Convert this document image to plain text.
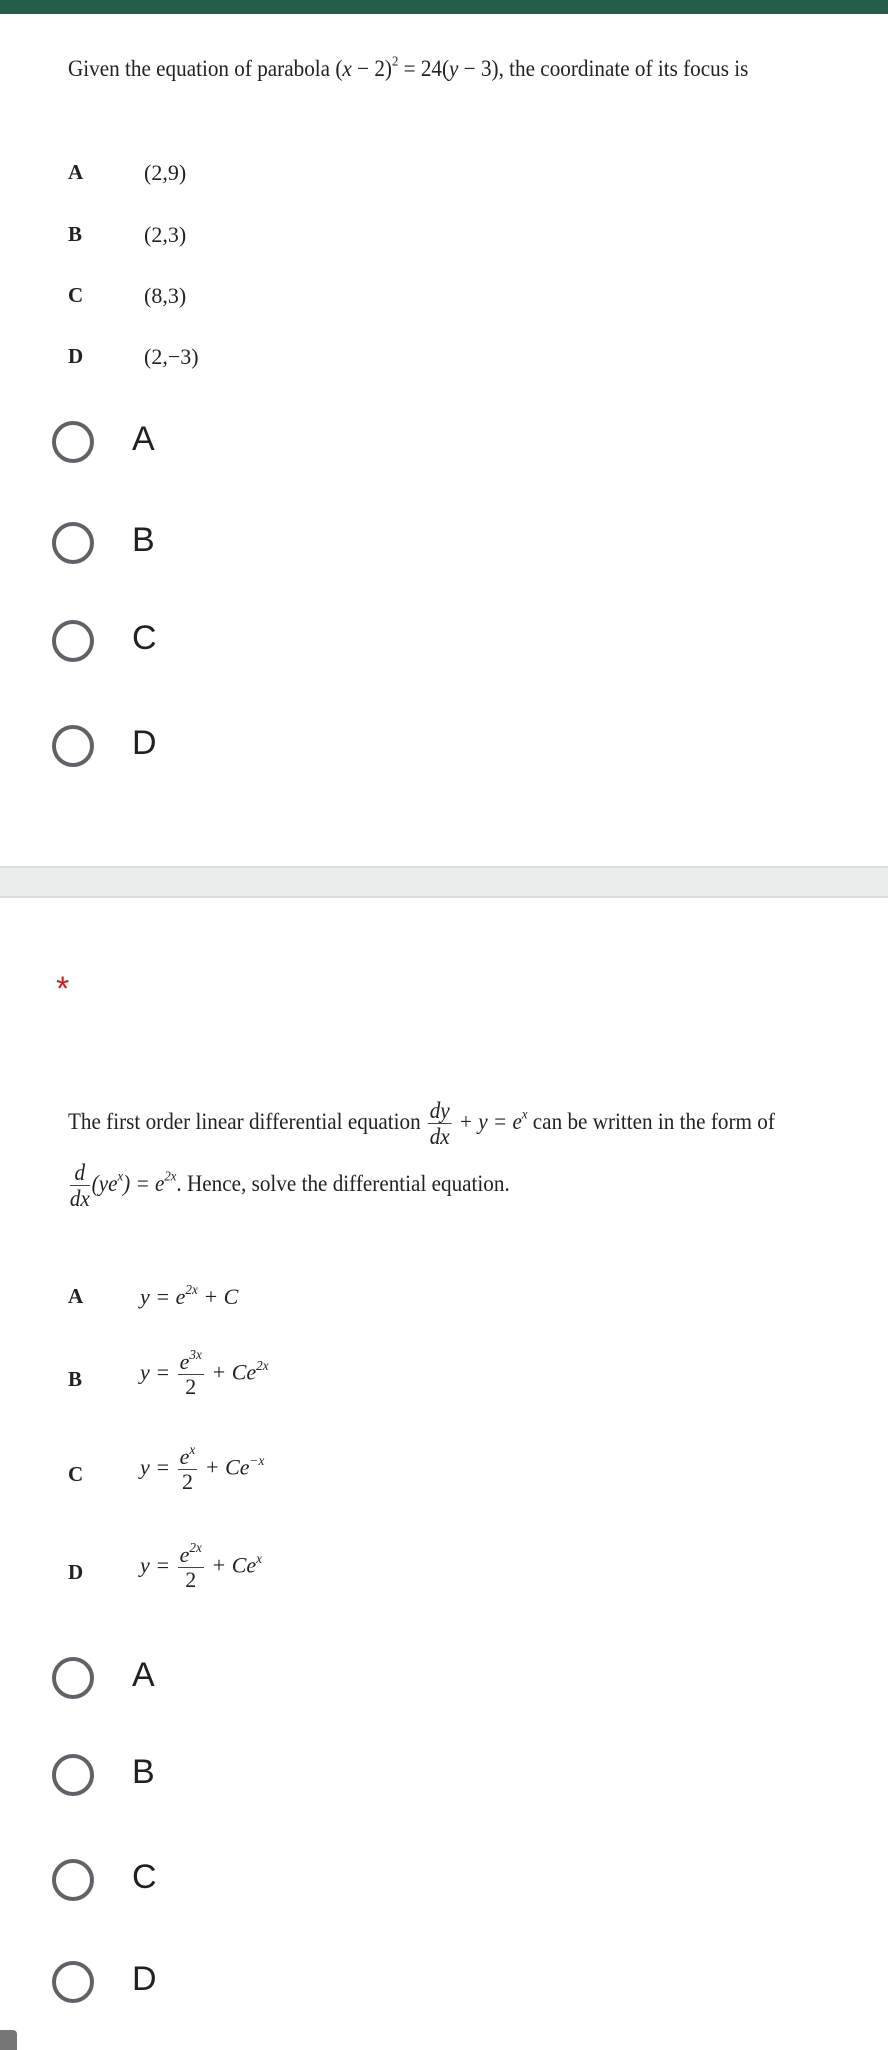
Given the equation of parabola $(x - 2)^2 = 24(y - 3)$, the coordinate of its focus is
A	(2,9)
B	(2,3)
C	(8,3)
D	(2,−3)
A
B
C
D
*
The first order linear differential equation $\frac{dy}{dx} + y = e^x$ can be written in the form of
$\frac{d}{dx} (ye^x) = e^{2x}$. Hence, solve the differential equation.
A	$y = e^{2x} + C$
B	$y = \frac{e^{3x}}{2} + Ce^{2x}$
C	$y = \frac{e^x}{2} + Ce^{-x}$
D	$y = \frac{e^{2x}}{2} + Ce^x$
A
B
C
D
